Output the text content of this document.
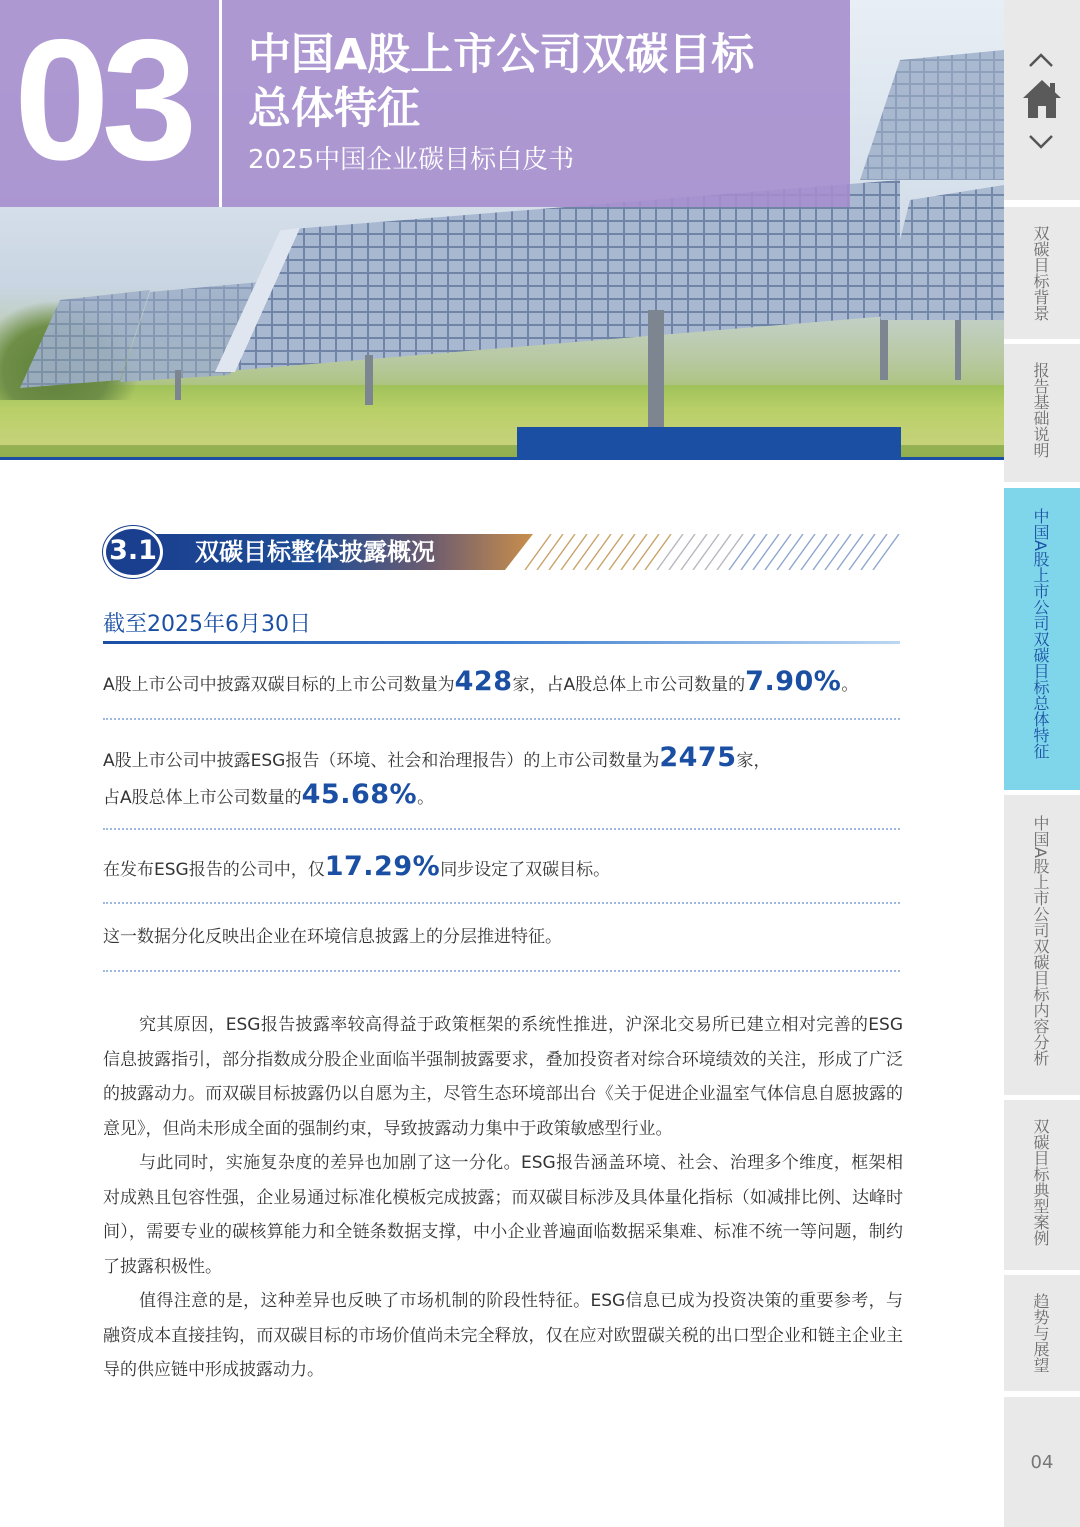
03 中国A股上市公司双碳目标
总体特征
2025中国企业碳目标白皮书
双碳目标背景
报告基础说明
中国A股上市公司双碳目标总体特征
中国A股上市公司双碳目标内容分析
双碳目标典型案例
趋势与展望
04
3.1 双碳目标整体披露概况
截至2025年6月30日
A股上市公司中披露双碳目标的上市公司数量为428家，占A股总体上市公司数量的7.90%。
A股上市公司中披露ESG报告（环境、社会和治理报告）的上市公司数量为2475家，
占A股总体上市公司数量的45.68%。
在发布ESG报告的公司中，仅17.29%同步设定了双碳目标。
这一数据分化反映出企业在环境信息披露上的分层推进特征。

究其原因，ESG报告披露率较高得益于政策框架的系统性推进，沪深北交易所已建立相对完善的ESG信息披露指引，部分指数成分股企业面临半强制披露要求，叠加投资者对综合环境绩效的关注，形成了广泛的披露动力。而双碳目标披露仍以自愿为主，尽管生态环境部出台《关于促进企业温室气体信息自愿披露的意见》，但尚未形成全面的强制约束，导致披露动力集中于政策敏感型行业。

与此同时，实施复杂度的差异也加剧了这一分化。ESG报告涵盖环境、社会、治理多个维度，框架相对成熟且包容性强，企业易通过标准化模板完成披露；而双碳目标涉及具体量化指标（如减排比例、达峰时间），需要专业的碳核算能力和全链条数据支撑，中小企业普遍面临数据采集难、标准不统一等问题，制约了披露积极性。

值得注意的是，这种差异也反映了市场机制的阶段性特征。ESG信息已成为投资决策的重要参考，与融资成本直接挂钩，而双碳目标的市场价值尚未完全释放，仅在应对欧盟碳关税的出口型企业和链主企业主导的供应链中形成披露动力。
